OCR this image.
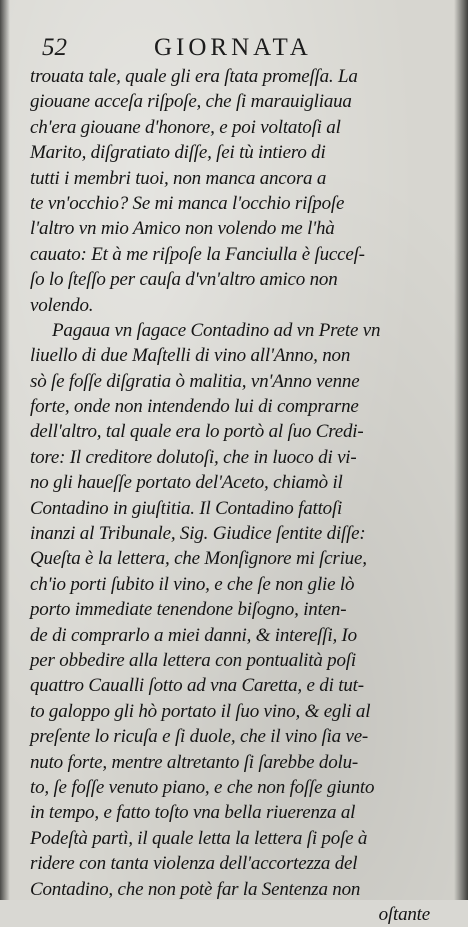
52	GIORNATA
trouata tale, quale gli era ſtata promeſſa. La
giouane acceſa riſpoſe, che ſi marauigliaua
ch'era giouane d'honore, e poi voltatoſi al
Marito, diſgratiato diſſe, ſei tù intiero di
tutti i membri tuoi, non manca ancora a
te vn'occhio? Se mi manca l'occhio riſpoſe
l'altro vn mio Amico non volendo me l'hà
cauato: Et à me riſpoſe la Fanciulla è ſucceſ-
ſo lo ſteſſo per cauſa d'vn'altro amico non
volendo.
Pagaua vn ſagace Contadino ad vn Prete vn
liuello di due Maſtelli di vino all'Anno, non
sò ſe foſſe diſgratia ò malitia, vn'Anno venne
forte, onde non intendendo lui di comprarne
dell'altro, tal quale era lo portò al ſuo Credi-
tore: Il creditore dolutoſi, che in luoco di vi-
no gli haueſſe portato del'Aceto, chiamò il
Contadino in giuſtitia. Il Contadino fattoſi
inanzi al Tribunale, Sig. Giudice ſentite diſſe:
Queſta è la lettera, che Monſignore mi ſcriue,
ch'io porti ſubito il vino, e che ſe non glie lò
porto immediate tenendone biſogno, inten-
de di comprarlo a miei danni, & intereſſi, Io
per obbedire alla lettera con pontualità poſi
quattro Caualli ſotto ad vna Caretta, e di tut-
to galoppo gli hò portato il ſuo vino, & egli al
preſente lo ricuſa e ſi duole, che il vino ſia ve-
nuto forte, mentre altretanto ſi ſarebbe dolu-
to, ſe foſſe venuto piano, e che non foſſe giunto
in tempo, e fatto toſto vna bella riuerenza al
Podeſtà partì, il quale letta la lettera ſi poſe à
ridere con tanta violenza dell'accortezza del
Contadino, che non potè far la Sentenza non
oſtante
